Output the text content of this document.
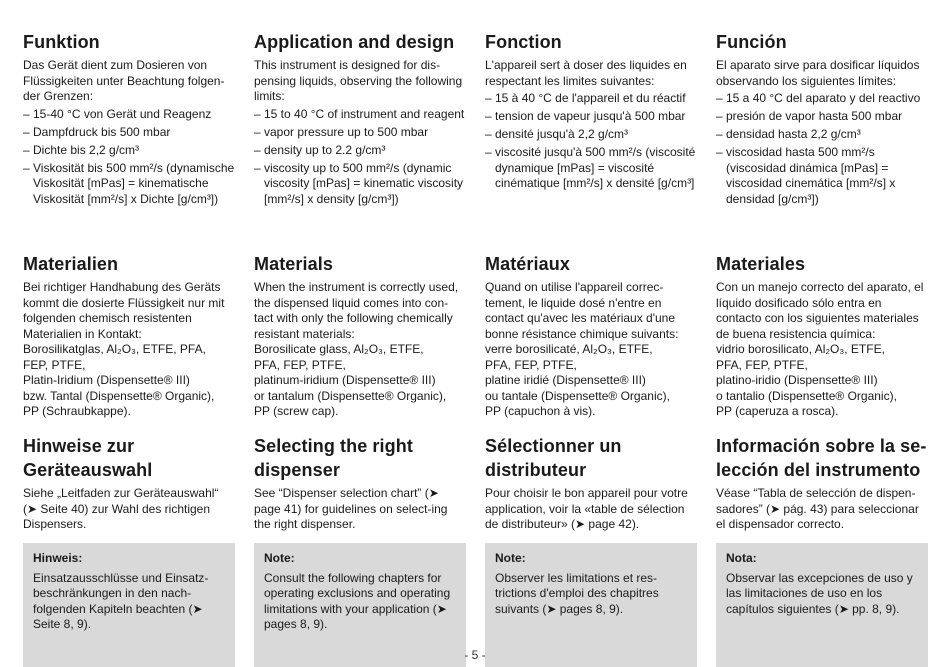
Funktion

Das Gerät dient zum Dosieren von Flüssigkeiten unter Beachtung folgen-der Grenzen:

– 15-40 °C von Gerät und Reagenz
– Dampfdruck bis 500 mbar
– Dichte bis 2,2 g/cm³
– Viskosität bis 500 mm²/s (dynamische Viskosität [mPas] = kinematische Viskosität [mm²/s] x Dichte [g/cm³])
Materialien

Bei richtiger Handhabung des Geräts kommt die dosierte Flüssigkeit nur mit folgenden chemisch resistenten Materialien in Kontakt:

Borosilikatglas, Al₂O₃, ETFE, PFA,
FEP, PTFE,
Platin-Iridium (Dispensette® III)
bzw. Tantal (Dispensette® Organic),
PP (Schraubkappe).
Hinweise zur Geräteauswahl

Siehe „Leitfaden zur Geräteauswahl“ (➤ Seite 40) zur Wahl des richtigen Dispensers.

Hinweis:
Einsatzausschlüsse und Einsatz-beschränkungen in den nach-folgenden Kapiteln beachten (➤ Seite 8, 9).
Application and design

This instrument is designed for dis-pensing liquids, observing the following limits:

– 15 to 40 °C of instrument and reagent
– vapor pressure up to 500 mbar
– density up to 2.2 g/cm³
– viscosity up to 500 mm²/s (dynamic viscosity [mPas] = kinematic viscosity [mm²/s] x density [g/cm³])
Materials

When the instrument is correctly used, the dispensed liquid comes into con-tact with only the following chemically resistant materials:

Borosilicate glass, Al₂O₃, ETFE,
PFA, FEP, PTFE,
platinum-iridium (Dispensette® III)
or tantalum (Dispensette® Organic),
PP (screw cap).
Selecting the right dispenser

See “Dispenser selection chart” (➤ page 41) for guidelines on select-ing the right dispenser.

Note:
Consult the following chapters for operating exclusions and operating limitations with your application (➤ pages 8, 9).
Fonction

L'appareil sert à doser des liquides en respectant les limites suivantes:

– 15 à 40 °C de l'appareil et du réactif
– tension de vapeur jusqu'à 500 mbar
– densité jusqu'à 2,2 g/cm³
– viscosité jusqu'à 500 mm²/s (viscosité dynamique [mPas] = viscosité cinématique [mm²/s] x densité [g/cm³]
Matériaux

Quand on utilise l'appareil correc-tement, le liquide dosé n'entre en contact qu'avec les matériaux d'une bonne résistance chimique suivants:

verre borosilicaté, Al₂O₃, ETFE,
PFA, FEP, PTFE,
platine iridié (Dispensette® III)
ou tantale (Dispensette® Organic),
PP (capuchon à vis).
Sélectionner un distributeur

Pour choisir le bon appareil pour votre application, voir la «table de sélection de distributeur» (➤ page 42).

Note:
Observer les limitations et res-trictions d'emploi des chapitres suivants (➤ pages 8, 9).
Función

El aparato sirve para dosificar líquidos observando los siguientes límites:

– 15 a 40 °C del aparato y del reactivo
– presión de vapor hasta 500 mbar
– densidad hasta 2,2 g/cm³
– viscosidad hasta 500 mm²/s (viscosidad dinámica [mPas] = viscosidad cinemática [mm²/s] x densidad [g/cm³])
Materiales

Con un manejo correcto del aparato, el líquido dosificado sólo entra en contacto con los siguientes materiales de buena resistencia química:

vidrio borosilicato, Al₂O₃, ETFE,
PFA, FEP, PTFE,
platino-iridio (Dispensette® III)
o tantalio (Dispensette® Organic),
PP (caperuza a rosca).
Información sobre la se-lección del instrumento

Véase “Tabla de selección de dispen-sadores” (➤ pág. 43) para seleccionar el dispensador correcto.

Nota:
Observar las excepciones de uso y las limitaciones de uso en los capítulos siguientes (➤ pp. 8, 9).
- 5 -
